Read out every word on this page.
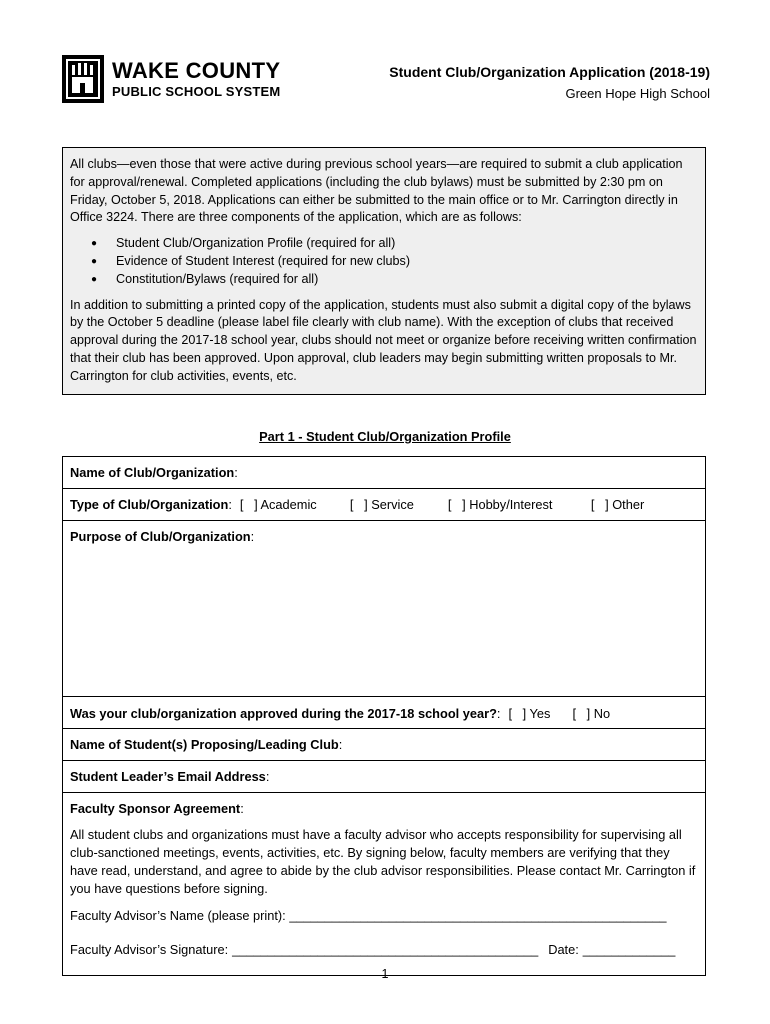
WAKE COUNTY
PUBLIC SCHOOL SYSTEM
Student Club/Organization Application (2018-19)
Green Hope High School

All clubs—even those that were active during previous school years—are required to submit a club application for approval/renewal. Completed applications (including the club bylaws) must be submitted by 2:30 pm on Friday, October 5, 2018. Applications can either be submitted to the main office or to Mr. Carrington directly in Office 3224. There are three components of the application, which are as follows:

● Student Club/Organization Profile (required for all)
● Evidence of Student Interest (required for new clubs)
● Constitution/Bylaws (required for all)

In addition to submitting a printed copy of the application, students must also submit a digital copy of the bylaws by the October 5 deadline (please label file clearly with club name). With the exception of clubs that received approval during the 2017-18 school year, clubs should not meet or organize before receiving written confirmation that their club has been approved. Upon approval, club leaders may begin submitting written proposals to Mr. Carrington for club activities, events, etc.

Part 1 - Student Club/Organization Profile
Name of Club/Organization:
Type of Club/Organization : [   ] Academic	[   ] Service	[   ] Hobby/Interest	[   ] Other
Purpose of Club/Organization:
Was your club/organization approved during the 2017-18 school year? : [   ] Yes	[   ] No
Name of Student(s) Proposing/Leading Club:
Student Leader’s Email Address:
Faculty Sponsor Agreement:
All student clubs and organizations must have a faculty advisor who accepts responsibility for supervising all club-sanctioned meetings, events, activities, etc. By signing below, faculty members are verifying that they have read, understand, and agree to abide by the club advisor responsibilities. Please contact Mr. Carrington if you have questions before signing.
Faculty Advisor’s Name (please print): _____________________________________________________
Faculty Advisor’s Signature: ___________________________________________ Date: _____________
1
